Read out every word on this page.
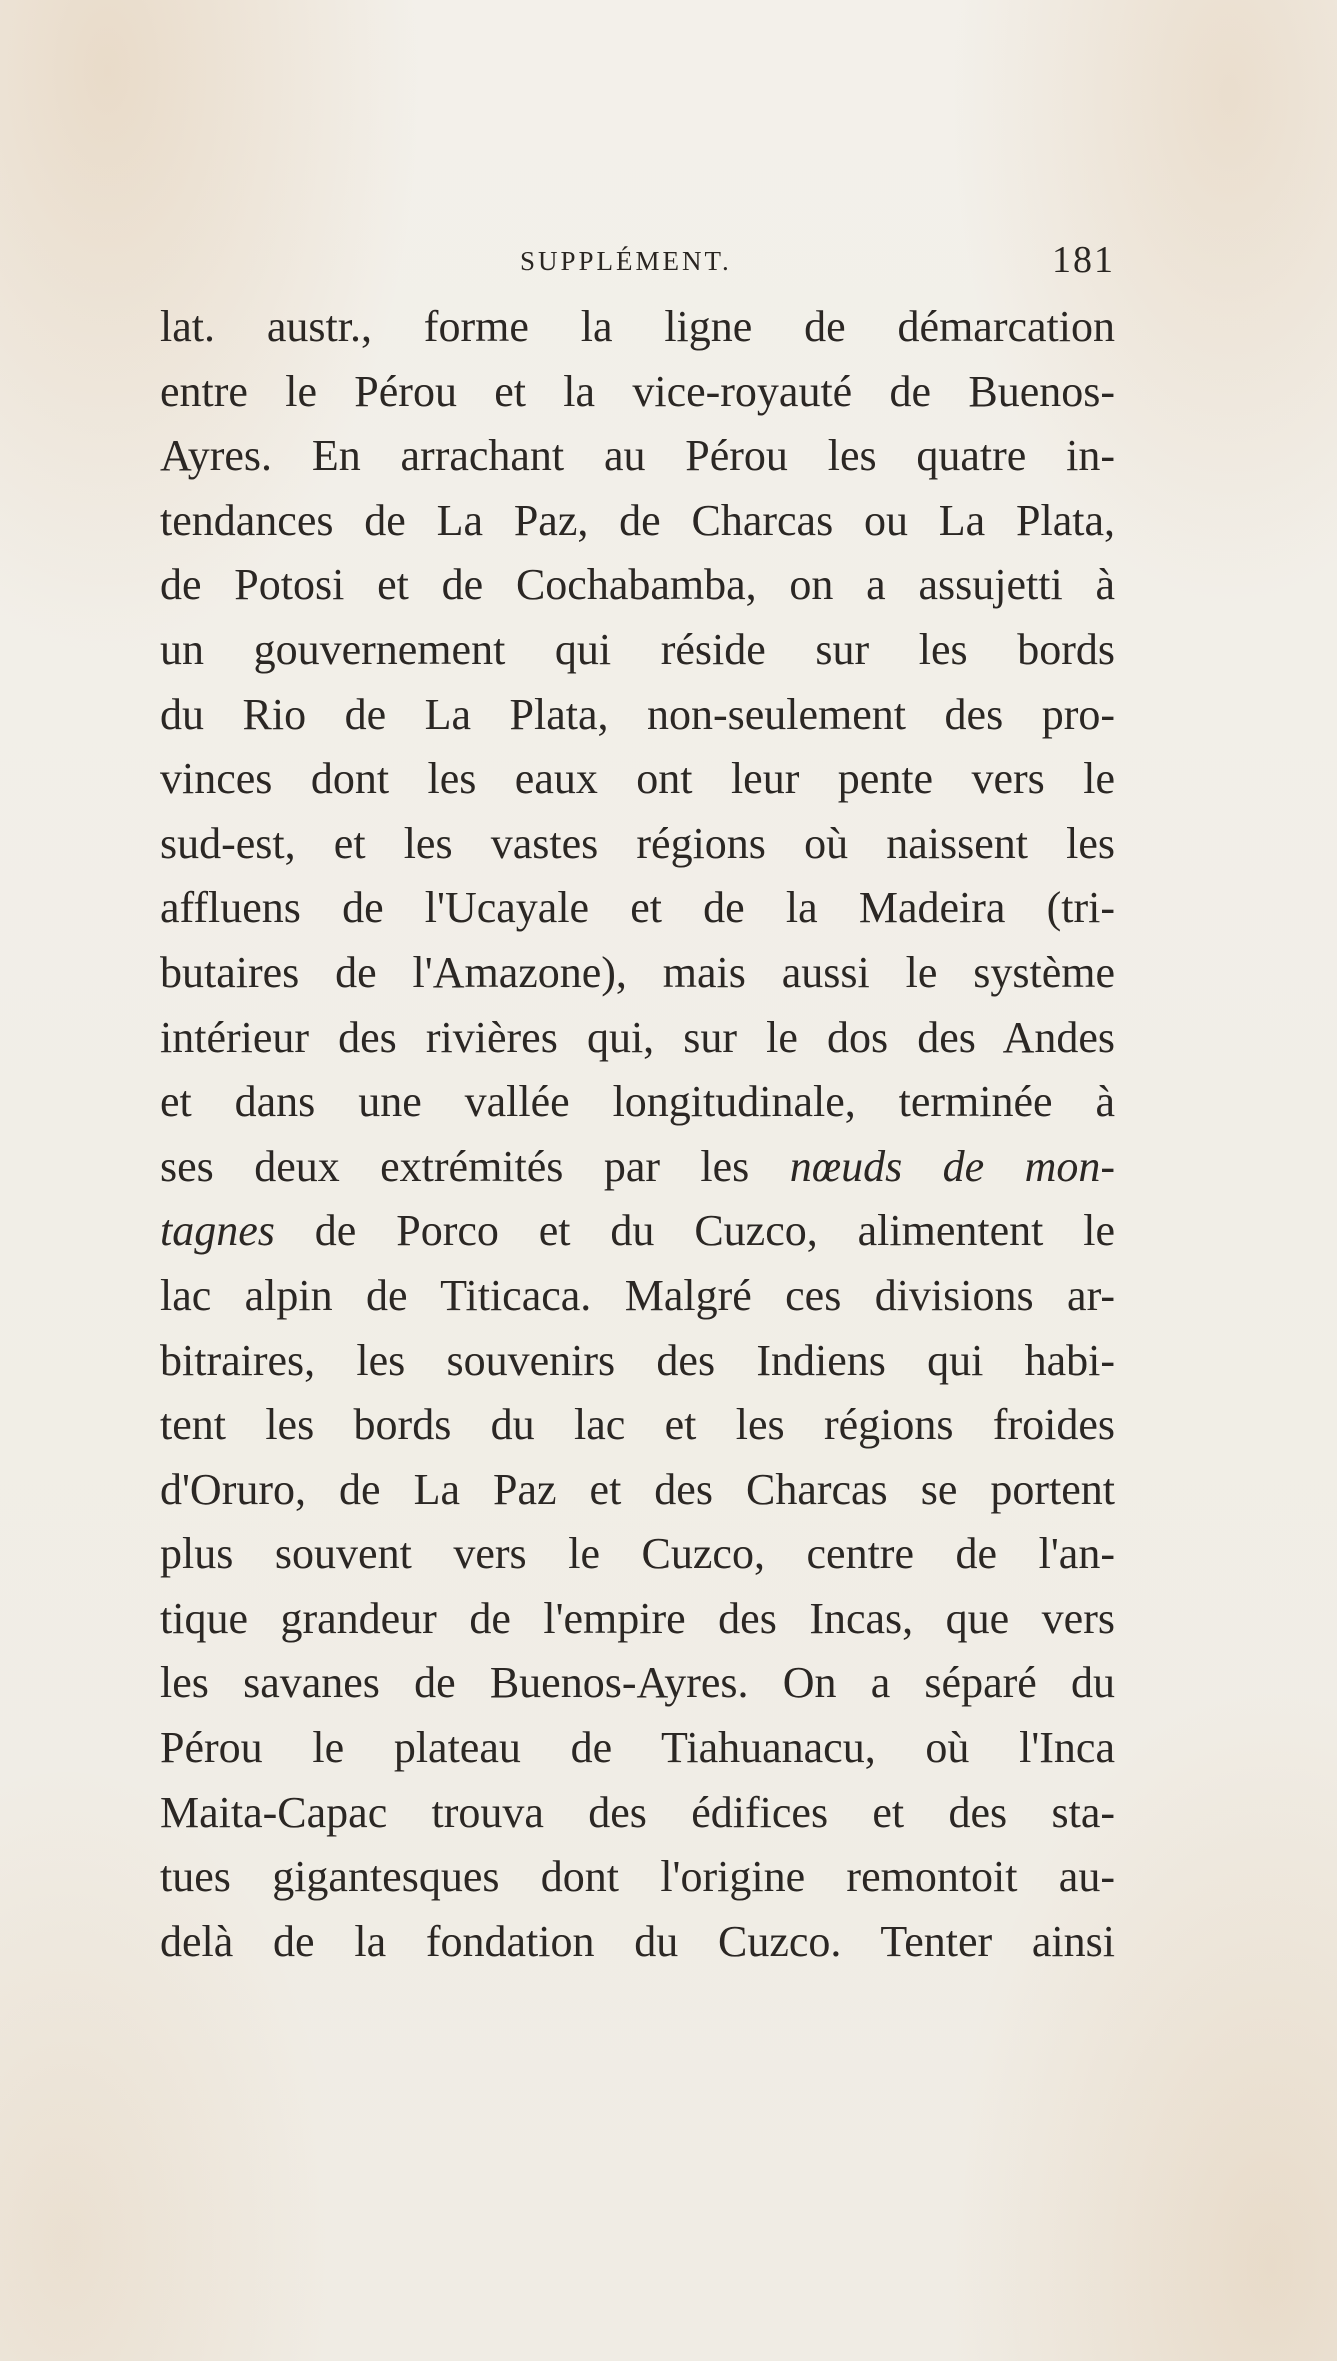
SUPPLÉMENT.	181
lat. austr., forme la ligne de démarcation
entre le Pérou et la vice-royauté de Buenos-
Ayres. En arrachant au Pérou les quatre in-
tendances de La Paz, de Charcas ou La Plata,
de Potosi et de Cochabamba, on a assujetti à
un gouvernement qui réside sur les bords
du Rio de La Plata, non-seulement des pro-
vinces dont les eaux ont leur pente vers le
sud-est, et les vastes régions où naissent les
affluens de l'Ucayale et de la Madeira (tri-
butaires de l'Amazone), mais aussi le système
intérieur des rivières qui, sur le dos des Andes
et dans une vallée longitudinale, terminée à
ses deux extrémités par les nœuds de mon-
tagnes de Porco et du Cuzco, alimentent le
lac alpin de Titicaca. Malgré ces divisions ar-
bitraires, les souvenirs des Indiens qui habi-
tent les bords du lac et les régions froides
d'Oruro, de La Paz et des Charcas se portent
plus souvent vers le Cuzco, centre de l'an-
tique grandeur de l'empire des Incas, que vers
les savanes de Buenos-Ayres. On a séparé du
Pérou le plateau de Tiahuanacu, où l'Inca
Maita-Capac trouva des édifices et des sta-
tues gigantesques dont l'origine remontoit au-
delà de la fondation du Cuzco. Tenter ainsi
